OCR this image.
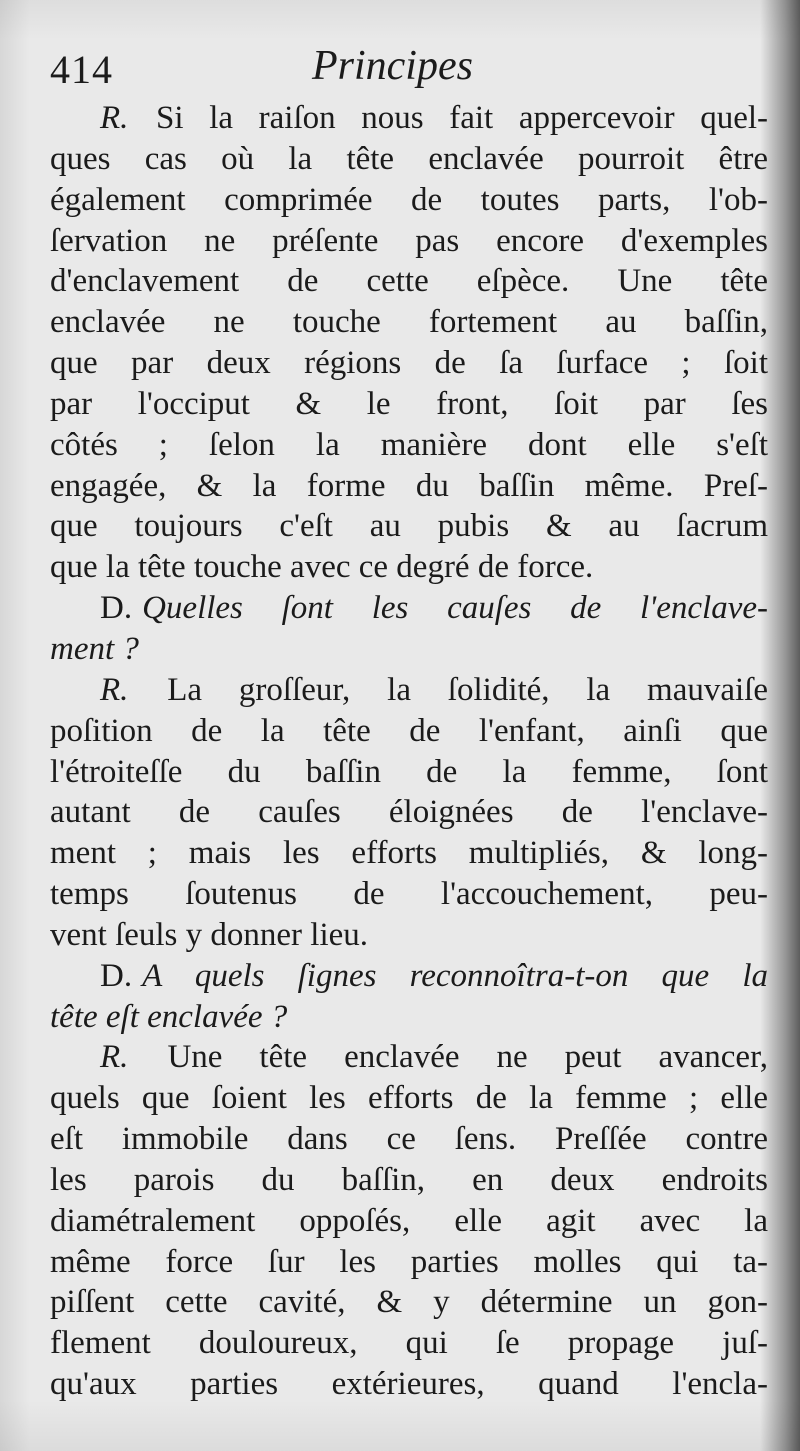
414	Principes
R. Si la raiſon nous fait appercevoir quel-
ques cas où la tête enclavée pourroit être
également comprimée de toutes parts, l'ob-
ſervation ne préſente pas encore d'exemples
d'enclavement de cette eſpèce. Une tête
enclavée ne touche fortement au baſſin,
que par deux régions de ſa ſurface ; ſoit
par l'occiput & le front, ſoit par ſes
côtés ; ſelon la manière dont elle s'eſt
engagée, & la forme du baſſin même. Preſ-
que toujours c'eſt au pubis & au ſacrum
que la tête touche avec ce degré de force.
D. Quelles ſont les cauſes de l'enclave-
ment ?
R. La groſſeur, la ſolidité, la mauvaiſe
poſition de la tête de l'enfant, ainſi que
l'étroiteſſe du baſſin de la femme, ſont
autant de cauſes éloignées de l'enclave-
ment ; mais les efforts multipliés, & long-
temps ſoutenus de l'accouchement, peu-
vent ſeuls y donner lieu.
D. A quels ſignes reconnoîtra-t-on que la
tête eſt enclavée ?
R. Une tête enclavée ne peut avancer,
quels que ſoient les efforts de la femme ; elle
eſt immobile dans ce ſens. Preſſée contre
les parois du baſſin, en deux endroits
diamétralement oppoſés, elle agit avec la
même force ſur les parties molles qui ta-
piſſent cette cavité, & y détermine un gon-
flement douloureux, qui ſe propage juſ-
qu'aux parties extérieures, quand l'encla-
